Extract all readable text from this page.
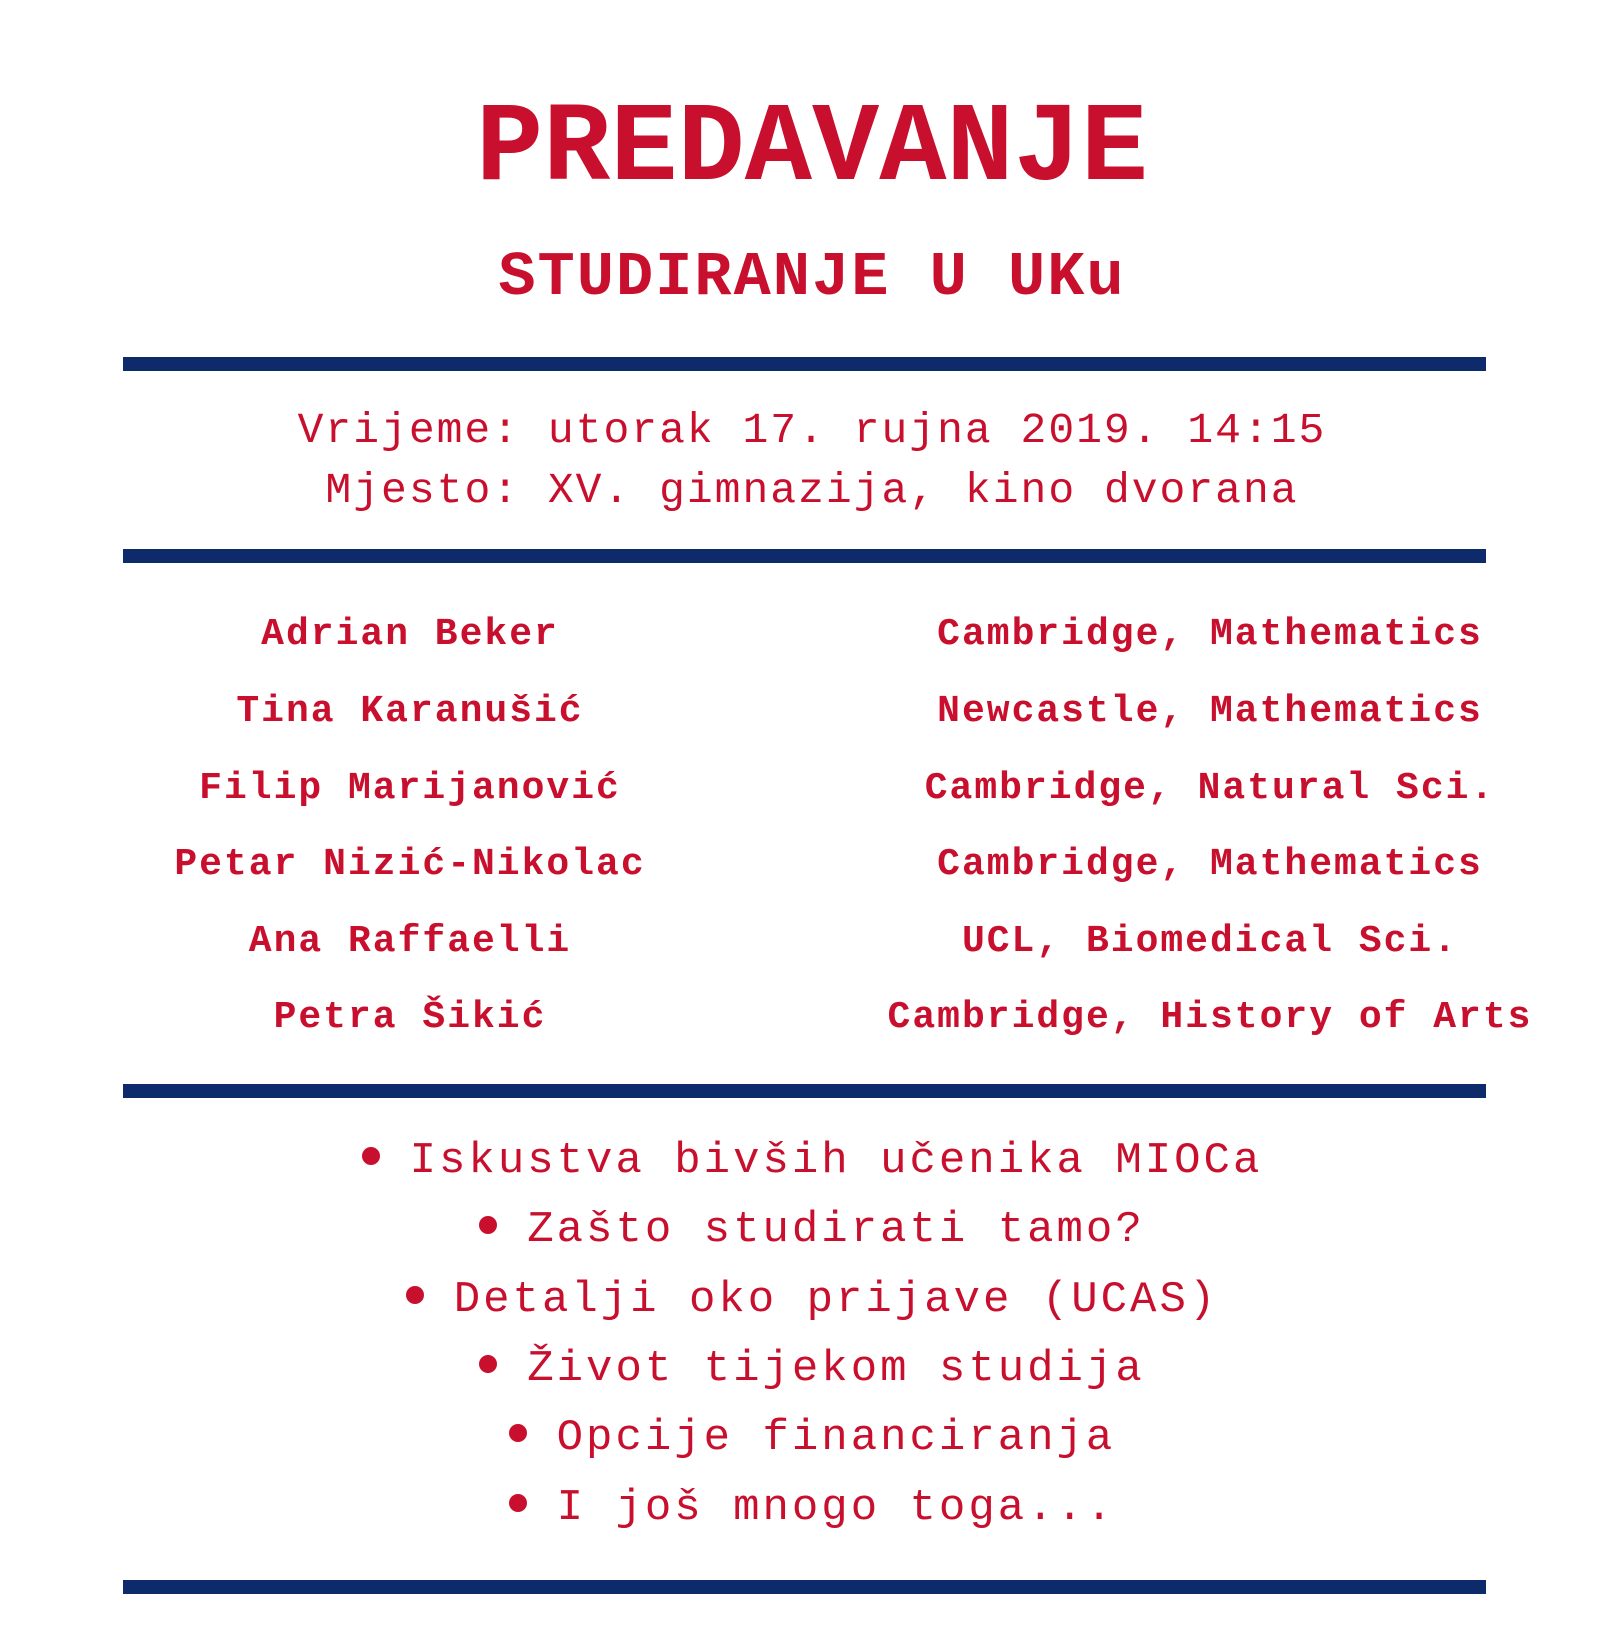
PREDAVANJE
STUDIRANJE U UKu
Vrijeme: utorak 17. rujna 2019. 14:15
Mjesto: XV. gimnazija, kino dvorana
Adrian Beker	Cambridge, Mathematics
Tina Karanušić	Newcastle, Mathematics
Filip Marijanović	Cambridge, Natural Sci.
Petar Nizić-Nikolac	Cambridge, Mathematics
Ana Raffaelli	UCL, Biomedical Sci.
Petra Šikić	Cambridge, History of Arts
Iskustva bivših učenika MIOCa
Zašto studirati tamo?
Detalji oko prijave (UCAS)
Život tijekom studija
Opcije financiranja
I još mnogo toga...
